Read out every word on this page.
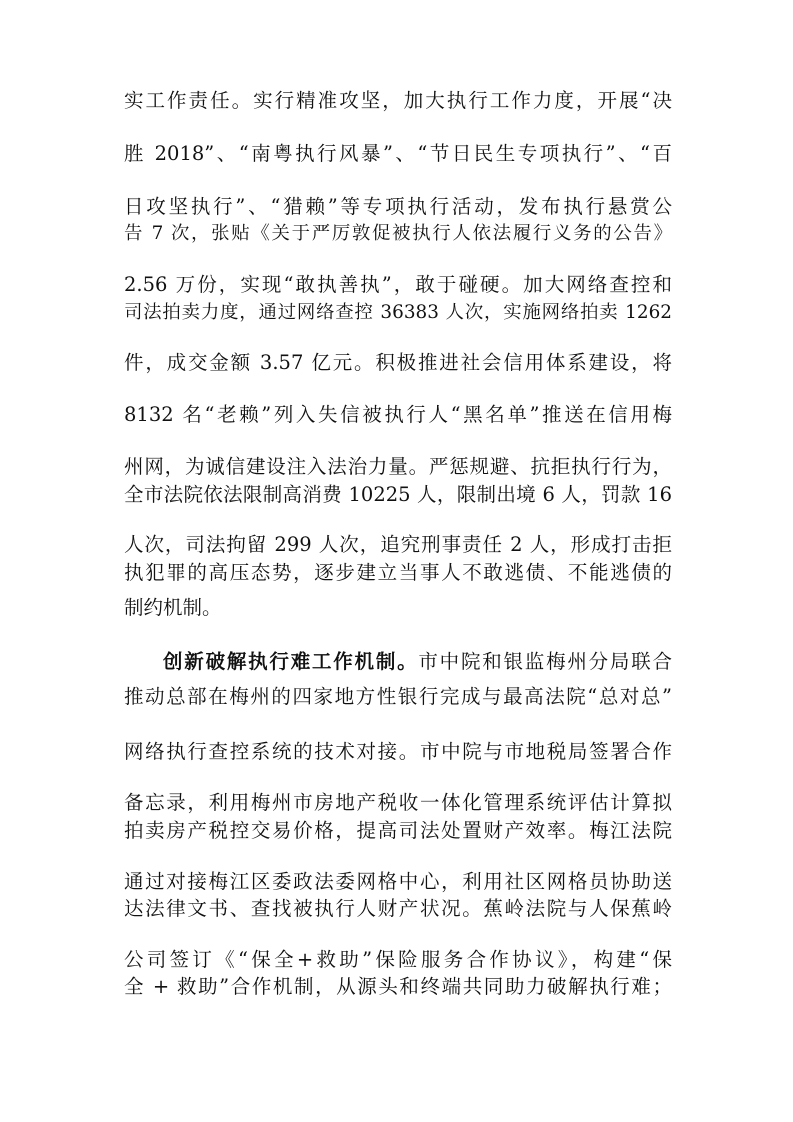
实工作责任。实行精准攻坚，加大执行工作力度，开展“决
胜 2018”、“南粤执行风暴”、“节日民生专项执行”、“百
日攻坚执行”、“猎赖”等专项执行活动，发布执行悬赏公
告 7 次，张贴《关于严厉敦促被执行人依法履行义务的公告》
2.56 万份，实现“敢执善执”，敢于碰硬。加大网络查控和
司法拍卖力度，通过网络查控 36383 人次，实施网络拍卖 1262
件，成交金额 3.57 亿元。积极推进社会信用体系建设，将
8132 名“老赖”列入失信被执行人“黑名单”推送在信用梅
州网，为诚信建设注入法治力量。严惩规避、抗拒执行行为，
全市法院依法限制高消费 10225 人，限制出境 6 人，罚款 16
人次，司法拘留 299 人次，追究刑事责任 2 人，形成打击拒
执犯罪的高压态势，逐步建立当事人不敢逃债、不能逃债的
制约机制。
创新破解执行难工作机制。市中院和银监梅州分局联合
推动总部在梅州的四家地方性银行完成与最高法院“总对总”
网络执行查控系统的技术对接。市中院与市地税局签署合作
备忘录，利用梅州市房地产税收一体化管理系统评估计算拟
拍卖房产税控交易价格，提高司法处置财产效率。梅江法院
通过对接梅江区委政法委网格中心，利用社区网格员协助送
达法律文书、查找被执行人财产状况。蕉岭法院与人保蕉岭
公司签订《“保全+救助”保险服务合作协议》，构建“保
全 + 救助”合作机制，从源头和终端共同助力破解执行难；
